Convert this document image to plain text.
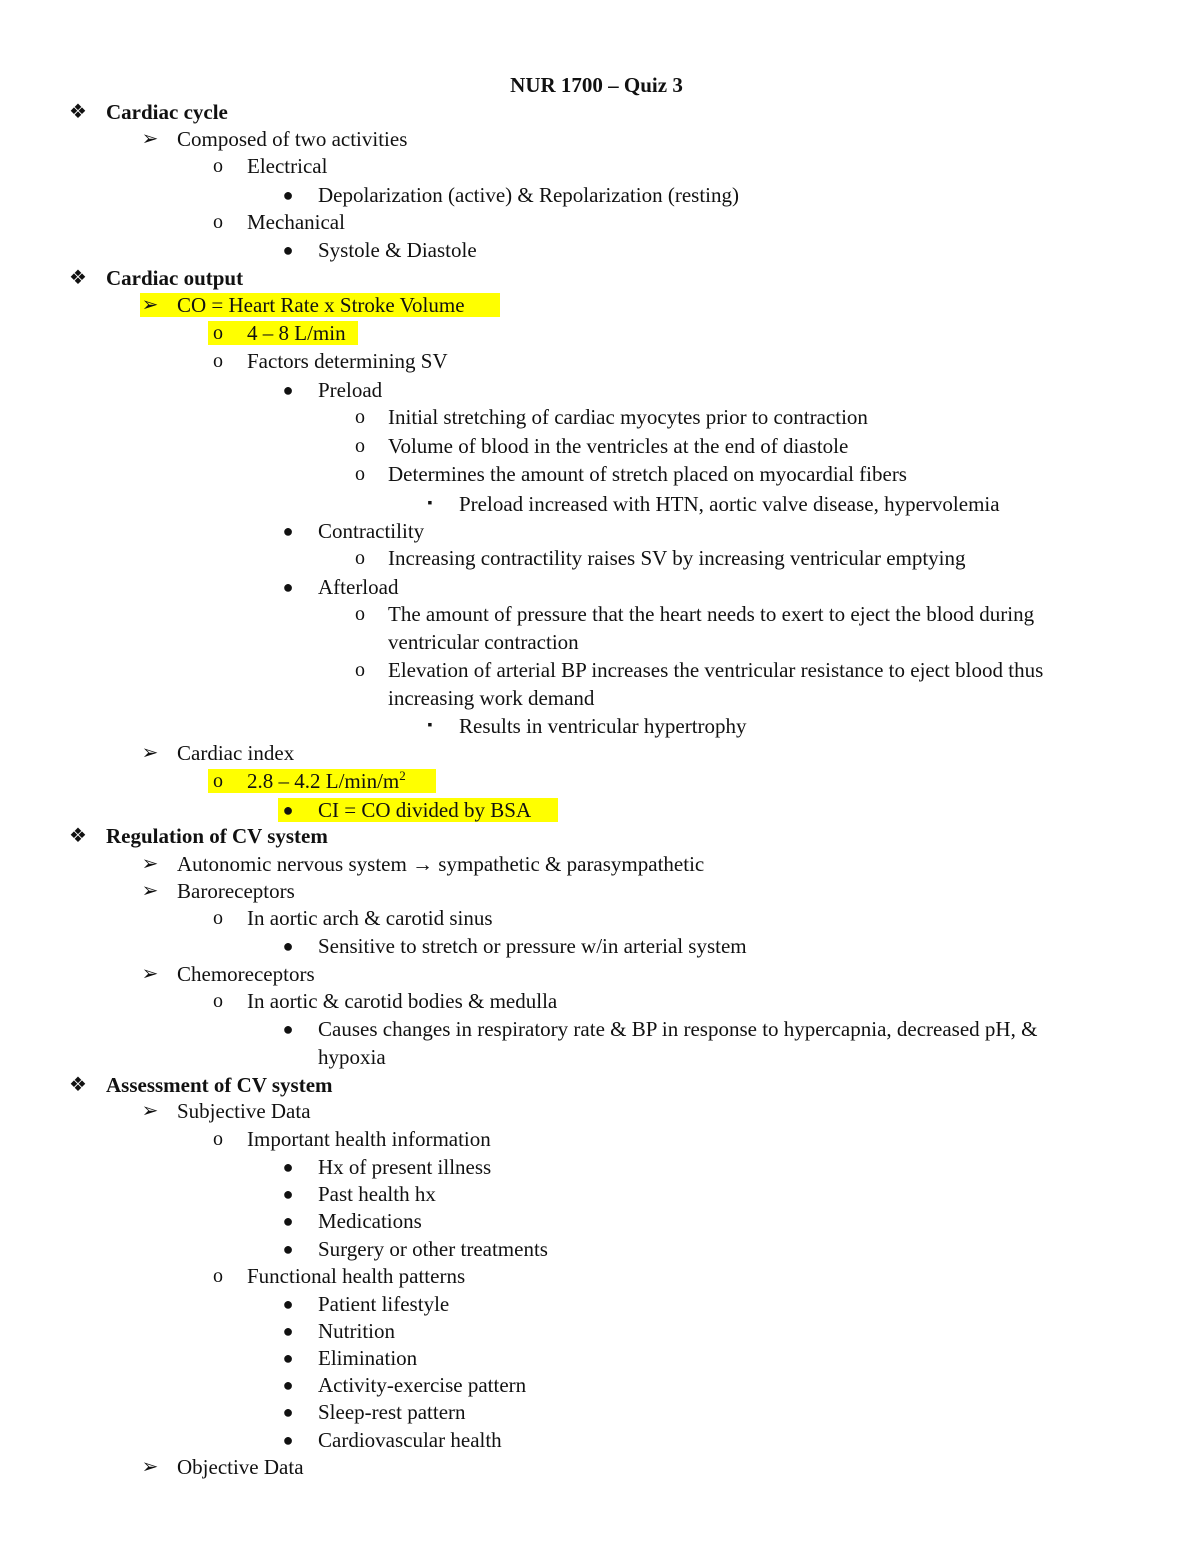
NUR 1700 – Quiz 3
❖ Cardiac cycle
➢ Composed of two activities
o Electrical
● Depolarization (active) & Repolarization (resting)
o Mechanical
● Systole & Diastole
❖ Cardiac output
➢ CO = Heart Rate x Stroke Volume
o 4 – 8 L/min
o Factors determining SV
● Preload
o Initial stretching of cardiac myocytes prior to contraction
o Volume of blood in the ventricles at the end of diastole
o Determines the amount of stretch placed on myocardial fibers
▪	Preload increased with HTN, aortic valve disease, hypervolemia
● Contractility
o Increasing contractility raises SV by increasing ventricular emptying
● Afterload
o The amount of pressure that the heart needs to exert to eject the blood during
ventricular contraction
o Elevation of arterial BP increases the ventricular resistance to eject blood thus
increasing work demand
▪	Results in ventricular hypertrophy
➢ Cardiac index
o 2.8 – 4.2 $L/\min/m^2$
● CI = CO divided by BSA
❖ Regulation of CV system
➢ Autonomic nervous system → sympathetic & parasympathetic
➢ Baroreceptors
o In aortic arch & carotid sinus
● Sensitive to stretch or pressure w/in arterial system
➢ Chemoreceptors
o In aortic & carotid bodies & medulla
● Causes changes in respiratory rate & BP in response to hypercapnia, decreased pH, &
hypoxia
❖ Assessment of CV system
➢ Subjective Data
o Important health information
● Hx of present illness
● Past health hx
● Medications
● Surgery or other treatments
o Functional health patterns
● Patient lifestyle
● Nutrition
● Elimination
● Activity-exercise pattern
● Sleep-rest pattern
● Cardiovascular health
➢ Objective Data
